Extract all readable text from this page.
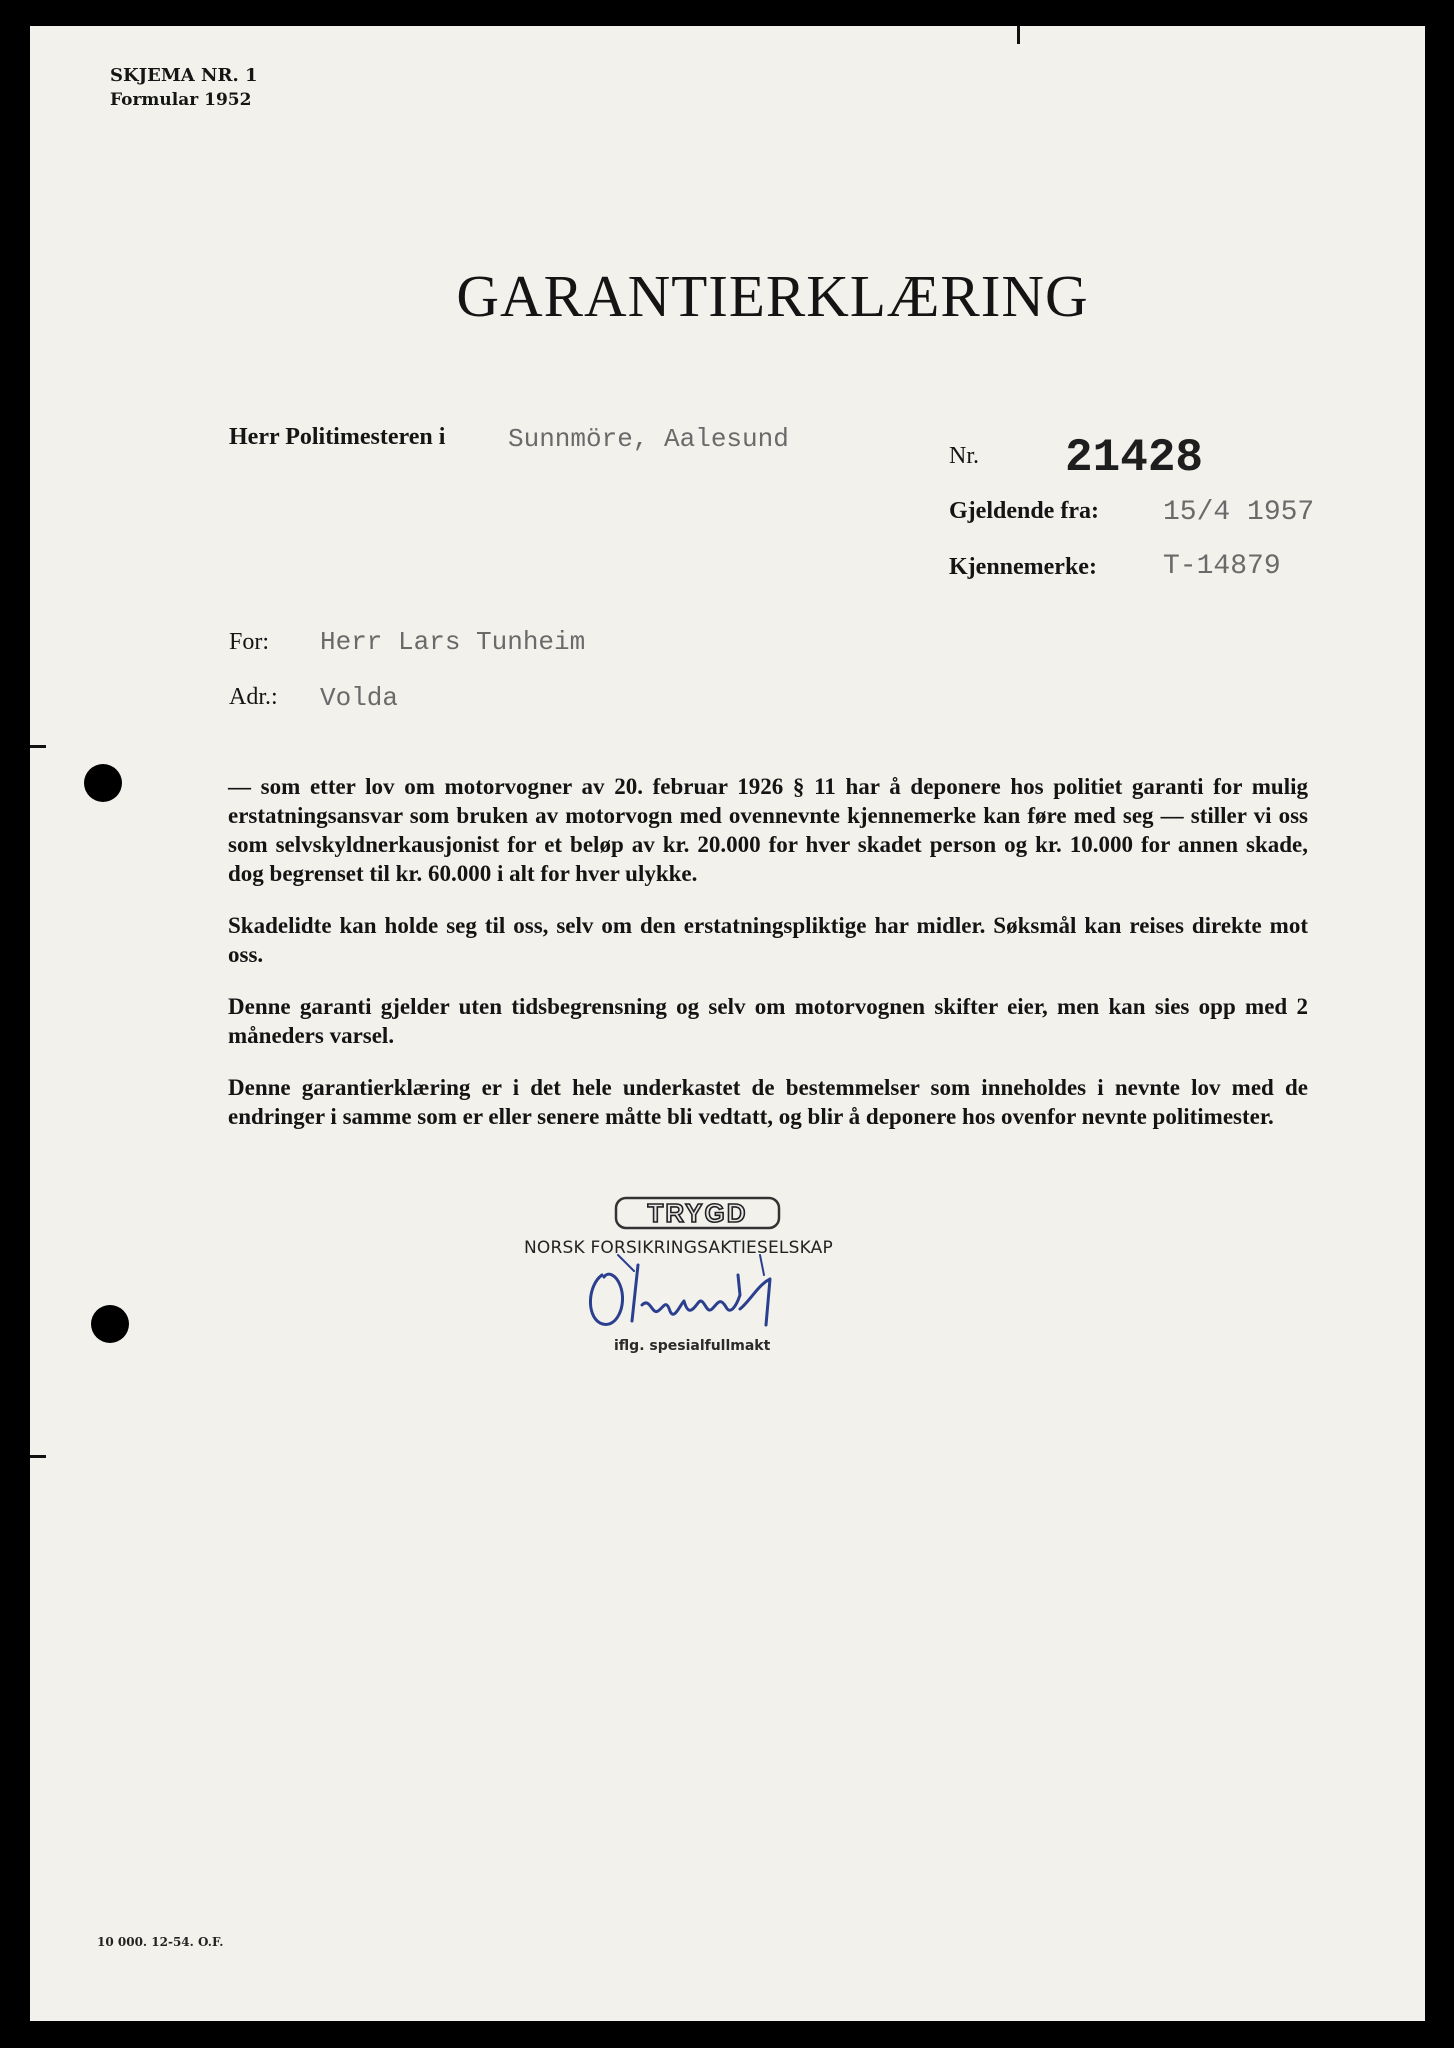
SKJEMA NR. 1
Formular 1952
GARANTIERKLÆRING
Herr Politimesteren i Sunnmöre, Aalesund
Nr. 21428
Gjeldende fra: 15/4 1957
Kjennemerke: T-14879
For: Herr Lars Tunheim
Adr.: Volda

— som etter lov om motorvogner av 20. februar 1926 § 11 har å deponere hos politiet garanti for mulig erstatningsansvar som bruken av motorvogn med ovennevnte kjennemerke kan føre med seg — stiller vi oss som selvskyldnerkausjonist for et beløp av kr. 20.000 for hver skadet person og kr. 10.000 for annen skade, dog begrenset til kr. 60.000 i alt for hver ulykke.

Skadelidte kan holde seg til oss, selv om den erstatningspliktige har midler. Søksmål kan reises direkte mot oss.

Denne garanti gjelder uten tidsbegrensning og selv om motorvognen skifter eier, men kan sies opp med 2 måneders varsel.

Denne garantierklæring er i det hele underkastet de bestemmelser som inneholdes i nevnte lov med de endringer i samme som er eller senere måtte bli vedtatt, og blir å deponere hos ovenfor nevnte politimester.

TRYGD
NORSK FORSIKRINGSAKTIESELSKAP
iflg. spesialfullmakt
10 000. 12-54. O.F.
